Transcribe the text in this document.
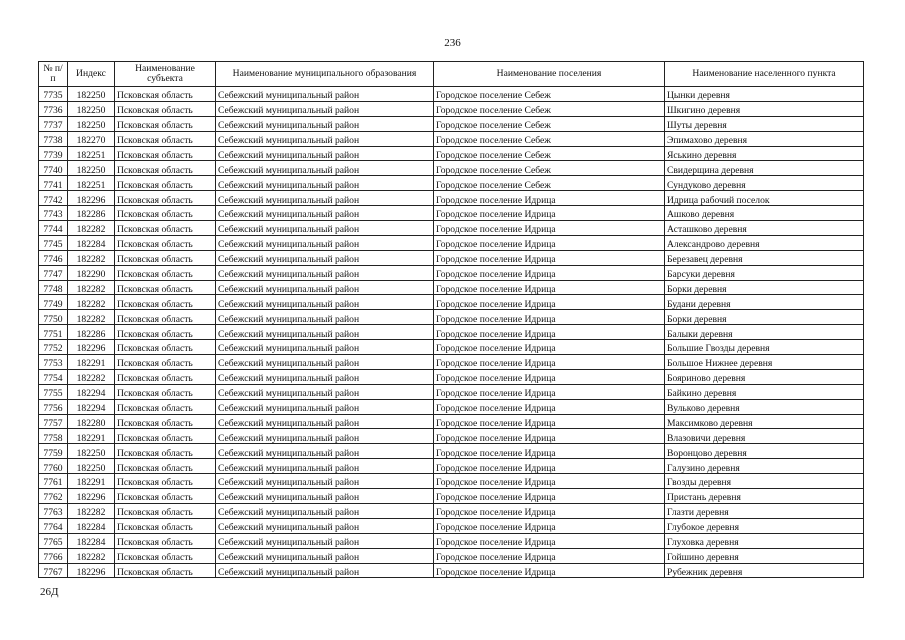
236
№ п/п	Индекс	Наименование субъекта	Наименование муниципального образования	Наименование поселения	Наименование населенного пункта
7735	182250	Псковская область	Себежский муниципальный район	Городское поселение Себеж	Цынки деревня
7736	182250	Псковская область	Себежский муниципальный район	Городское поселение Себеж	Шкигино деревня
7737	182250	Псковская область	Себежский муниципальный район	Городское поселение Себеж	Шуты деревня
7738	182270	Псковская область	Себежский муниципальный район	Городское поселение Себеж	Эпимахово деревня
7739	182251	Псковская область	Себежский муниципальный район	Городское поселение Себеж	Яськино деревня
7740	182250	Псковская область	Себежский муниципальный район	Городское поселение Себеж	Свидерщина деревня
7741	182251	Псковская область	Себежский муниципальный район	Городское поселение Себеж	Сундуково деревня
7742	182296	Псковская область	Себежский муниципальный район	Городское поселение Идрица	Идрица рабочий поселок
7743	182286	Псковская область	Себежский муниципальный район	Городское поселение Идрица	Ашково деревня
7744	182282	Псковская область	Себежский муниципальный район	Городское поселение Идрица	Асташково деревня
7745	182284	Псковская область	Себежский муниципальный район	Городское поселение Идрица	Александрово деревня
7746	182282	Псковская область	Себежский муниципальный район	Городское поселение Идрица	Березавец деревня
7747	182290	Псковская область	Себежский муниципальный район	Городское поселение Идрица	Барсуки деревня
7748	182282	Псковская область	Себежский муниципальный район	Городское поселение Идрица	Борки деревня
7749	182282	Псковская область	Себежский муниципальный район	Городское поселение Идрица	Будани деревня
7750	182282	Псковская область	Себежский муниципальный район	Городское поселение Идрица	Борки деревня
7751	182286	Псковская область	Себежский муниципальный район	Городское поселение Идрица	Балыки деревня
7752	182296	Псковская область	Себежский муниципальный район	Городское поселение Идрица	Большие Гвозды деревня
7753	182291	Псковская область	Себежский муниципальный район	Городское поселение Идрица	Большое Нижнее деревня
7754	182282	Псковская область	Себежский муниципальный район	Городское поселение Идрица	Бояриново деревня
7755	182294	Псковская область	Себежский муниципальный район	Городское поселение Идрица	Байкино деревня
7756	182294	Псковская область	Себежский муниципальный район	Городское поселение Идрица	Вульково деревня
7757	182280	Псковская область	Себежский муниципальный район	Городское поселение Идрица	Максимково деревня
7758	182291	Псковская область	Себежский муниципальный район	Городское поселение Идрица	Влазовичи деревня
7759	182250	Псковская область	Себежский муниципальный район	Городское поселение Идрица	Воронцово деревня
7760	182250	Псковская область	Себежский муниципальный район	Городское поселение Идрица	Галузино деревня
7761	182291	Псковская область	Себежский муниципальный район	Городское поселение Идрица	Гвозды деревня
7762	182296	Псковская область	Себежский муниципальный район	Городское поселение Идрица	Пристань деревня
7763	182282	Псковская область	Себежский муниципальный район	Городское поселение Идрица	Глазти деревня
7764	182284	Псковская область	Себежский муниципальный район	Городское поселение Идрица	Глубокое деревня
7765	182284	Псковская область	Себежский муниципальный район	Городское поселение Идрица	Глуховка деревня
7766	182282	Псковская область	Себежский муниципальный район	Городское поселение Идрица	Гойшино деревня
7767	182296	Псковская область	Себежский муниципальный район	Городское поселение Идрица	Рубежник деревня
26Д
